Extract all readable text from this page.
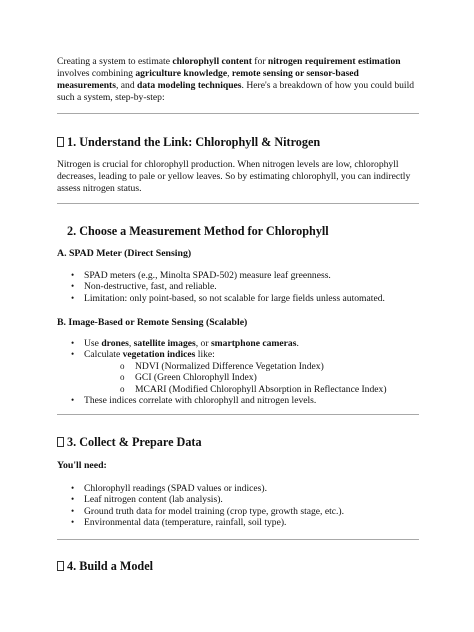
Creating a system to estimate chlorophyll content for nitrogen requirement estimation involves combining agriculture knowledge, remote sensing or sensor-based measurements, and data modeling techniques. Here's a breakdown of how you could build such a system, step-by-step:

1. Understand the Link: Chlorophyll & Nitrogen

Nitrogen is crucial for chlorophyll production. When nitrogen levels are low, chlorophyll decreases, leading to pale or yellow leaves. So by estimating chlorophyll, you can indirectly assess nitrogen status.

2. Choose a Measurement Method for Chlorophyll
A. SPAD Meter (Direct Sensing)
• SPAD meters (e.g., Minolta SPAD-502) measure leaf greenness.
• Non-destructive, fast, and reliable.
• Limitation: only point-based, so not scalable for large fields unless automated.
B. Image-Based or Remote Sensing (Scalable)
• Use drones, satellite images, or smartphone cameras.
• Calculate vegetation indices like:
o NDVI (Normalized Difference Vegetation Index)
o GCI (Green Chlorophyll Index)
o MCARI (Modified Chlorophyll Absorption in Reflectance Index)
• These indices correlate with chlorophyll and nitrogen levels.
3. Collect & Prepare Data
You'll need:
• Chlorophyll readings (SPAD values or indices).
• Leaf nitrogen content (lab analysis).
• Ground truth data for model training (crop type, growth stage, etc.).
• Environmental data (temperature, rainfall, soil type).
4. Build a Model
